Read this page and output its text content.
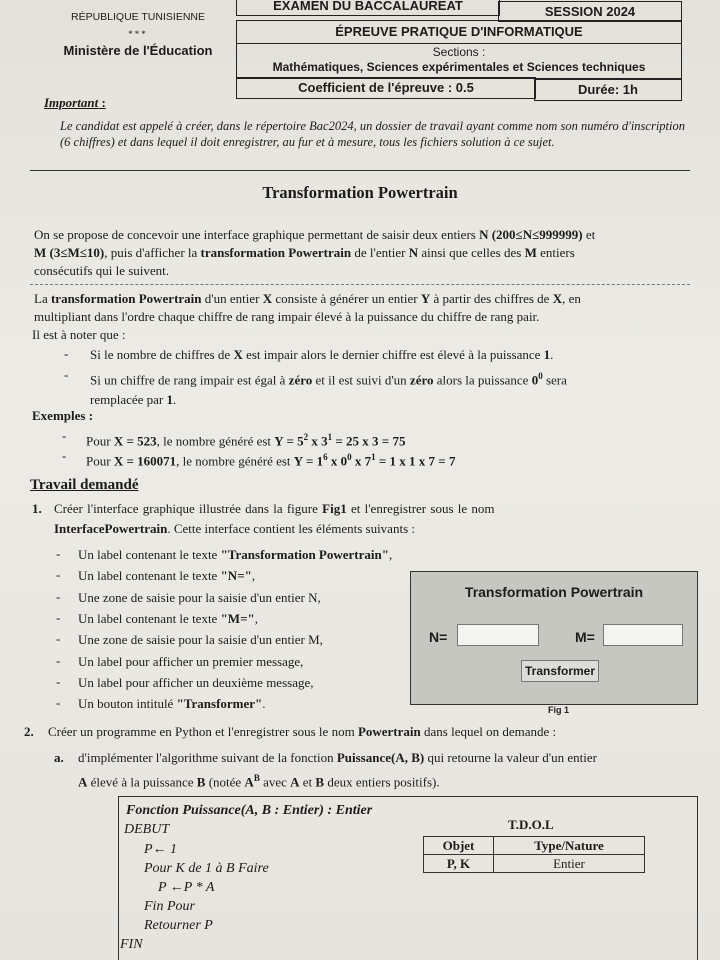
RÉPUBLIQUE TUNISIENNE
***
Ministère de l'Éducation
EXAMEN DU BACCALAUREAT	SESSION 2024
ÉPREUVE PRATIQUE D'INFORMATIQUE
Sections :
Mathématiques, Sciences expérimentales et Sciences techniques
Coefficient de l'épreuve : 0.5	Durée: 1h
Important :
Le candidat est appelé à créer, dans le répertoire Bac2024, un dossier de travail ayant comme nom son numéro d'inscription (6 chiffres) et dans lequel il doit enregistrer, au fur et à mesure, tous les fichiers solution à ce sujet.
Transformation Powertrain
On se propose de concevoir une interface graphique permettant de saisir deux entiers N (200≤N≤999999) et
M (3≤M≤10), puis d'afficher la transformation Powertrain de l'entier N ainsi que celles des M entiers
consécutifs qui le suivent.
La transformation Powertrain d'un entier X consiste à générer un entier Y à partir des chiffres de X, en
multipliant dans l'ordre chaque chiffre de rang impair élevé à la puissance du chiffre de rang pair.
Il est à noter que :
- Si le nombre de chiffres de X est impair alors le dernier chiffre est élevé à la puissance 1.
- Si un chiffre de rang impair est égal à zéro et il est suivi d'un zéro alors la puissance $0^0$ sera
remplacée par 1.
Exemples :
- Pour X = 523, le nombre généré est $Y = 5^2$ x $3^1 = 25$ x 3 = 75
- Pour X = 160071, le nombre généré est $Y = 1^6$ x $0^0$ x $7^1 = 1$ x 1 x 7 = 7
Travail demandé
1. Créer l'interface graphique illustrée dans la figure Fig1 et l'enregistrer sous le nom
InterfacePowertrain. Cette interface contient les éléments suivants :
- Un label contenant le texte "Transformation Powertrain",
- Un label contenant le texte "N=",
- Une zone de saisie pour la saisie d'un entier N,
- Un label contenant le texte "M=",
- Une zone de saisie pour la saisie d'un entier M,
- Un label pour afficher un premier message,
- Un label pour afficher un deuxième message,
- Un bouton intitulé "Transformer".
Transformation Powertrain
N=	M=
Transformer
Fig 1
2. Créer un programme en Python et l'enregistrer sous le nom Powertrain dans lequel on demande :
a. d'implémenter l'algorithme suivant de la fonction Puissance(A, B) qui retourne la valeur d'un entier
A élevé à la puissance B (notée $A^B$ avec A et B deux entiers positifs).
Fonction Puissance(A, B : Entier) : Entier
DEBUT
P← 1
Pour K de 1 à B Faire
P ←P * A
Fin Pour
Retourner P
FIN
T.D.O.L
Objet	Type/Nature
P, K	Entier
